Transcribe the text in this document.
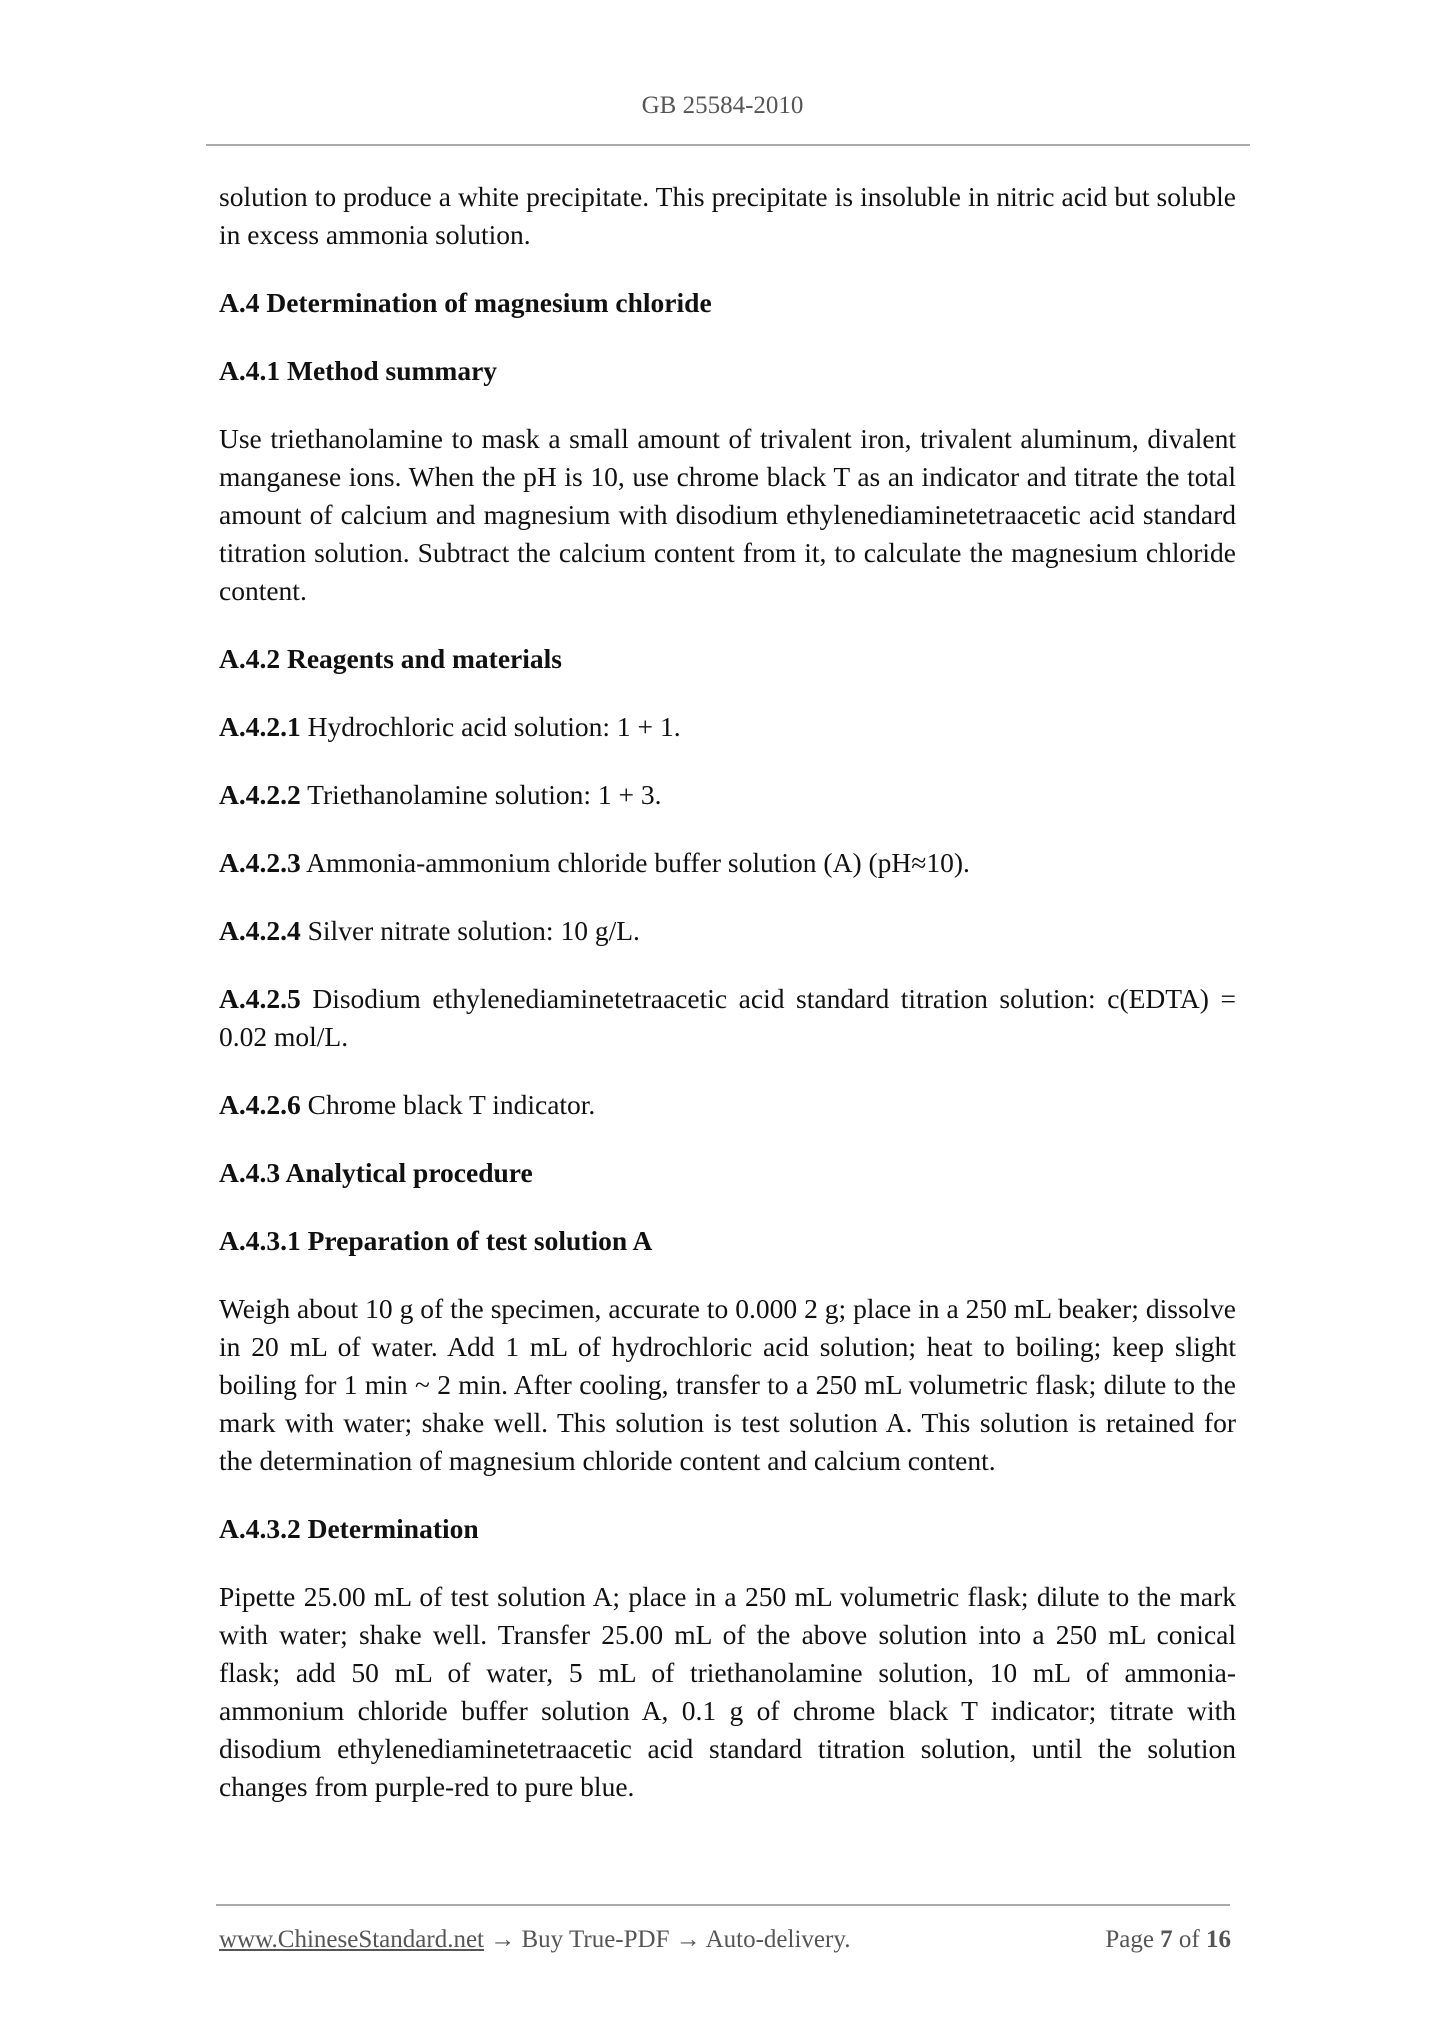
GB 25584-2010

solution to produce a white precipitate. This precipitate is insoluble in nitric acid but soluble in excess ammonia solution.

A.4 Determination of magnesium chloride
A.4.1 Method summary

Use triethanolamine to mask a small amount of trivalent iron, trivalent aluminum, divalent manganese ions. When the pH is 10, use chrome black T as an indicator and titrate the total amount of calcium and magnesium with disodium ethylenediaminetetraacetic acid standard titration solution. Subtract the calcium content from it, to calculate the magnesium chloride content.

A.4.2 Reagents and materials

A.4.2.1 Hydrochloric acid solution: 1 + 1.

A.4.2.2 Triethanolamine solution: 1 + 3.

A.4.2.3 Ammonia-ammonium chloride buffer solution (A) (pH≈10).

A.4.2.4 Silver nitrate solution: 10 g/L.

A.4.2.5 Disodium ethylenediaminetetraacetic acid standard titration solution: c(EDTA) = 0.02 mol/L.

A.4.2.6 Chrome black T indicator.

A.4.3 Analytical procedure
A.4.3.1 Preparation of test solution A

Weigh about 10 g of the specimen, accurate to 0.000 2 g; place in a 250 mL beaker; dissolve in 20 mL of water. Add 1 mL of hydrochloric acid solution; heat to boiling; keep slight boiling for 1 min ~ 2 min. After cooling, transfer to a 250 mL volumetric flask; dilute to the mark with water; shake well. This solution is test solution A. This solution is retained for the determination of magnesium chloride content and calcium content.

A.4.3.2 Determination

Pipette 25.00 mL of test solution A; place in a 250 mL volumetric flask; dilute to the mark with water; shake well. Transfer 25.00 mL of the above solution into a 250 mL conical flask; add 50 mL of water, 5 mL of triethanolamine solution, 10 mL of ammonia-ammonium chloride buffer solution A, 0.1 g of chrome black T indicator; titrate with disodium ethylenediaminetetraacetic acid standard titration solution, until the solution changes from purple-red to pure blue.

www.ChineseStandard.net → Buy True-PDF → Auto-delivery.	Page 7 of 16
